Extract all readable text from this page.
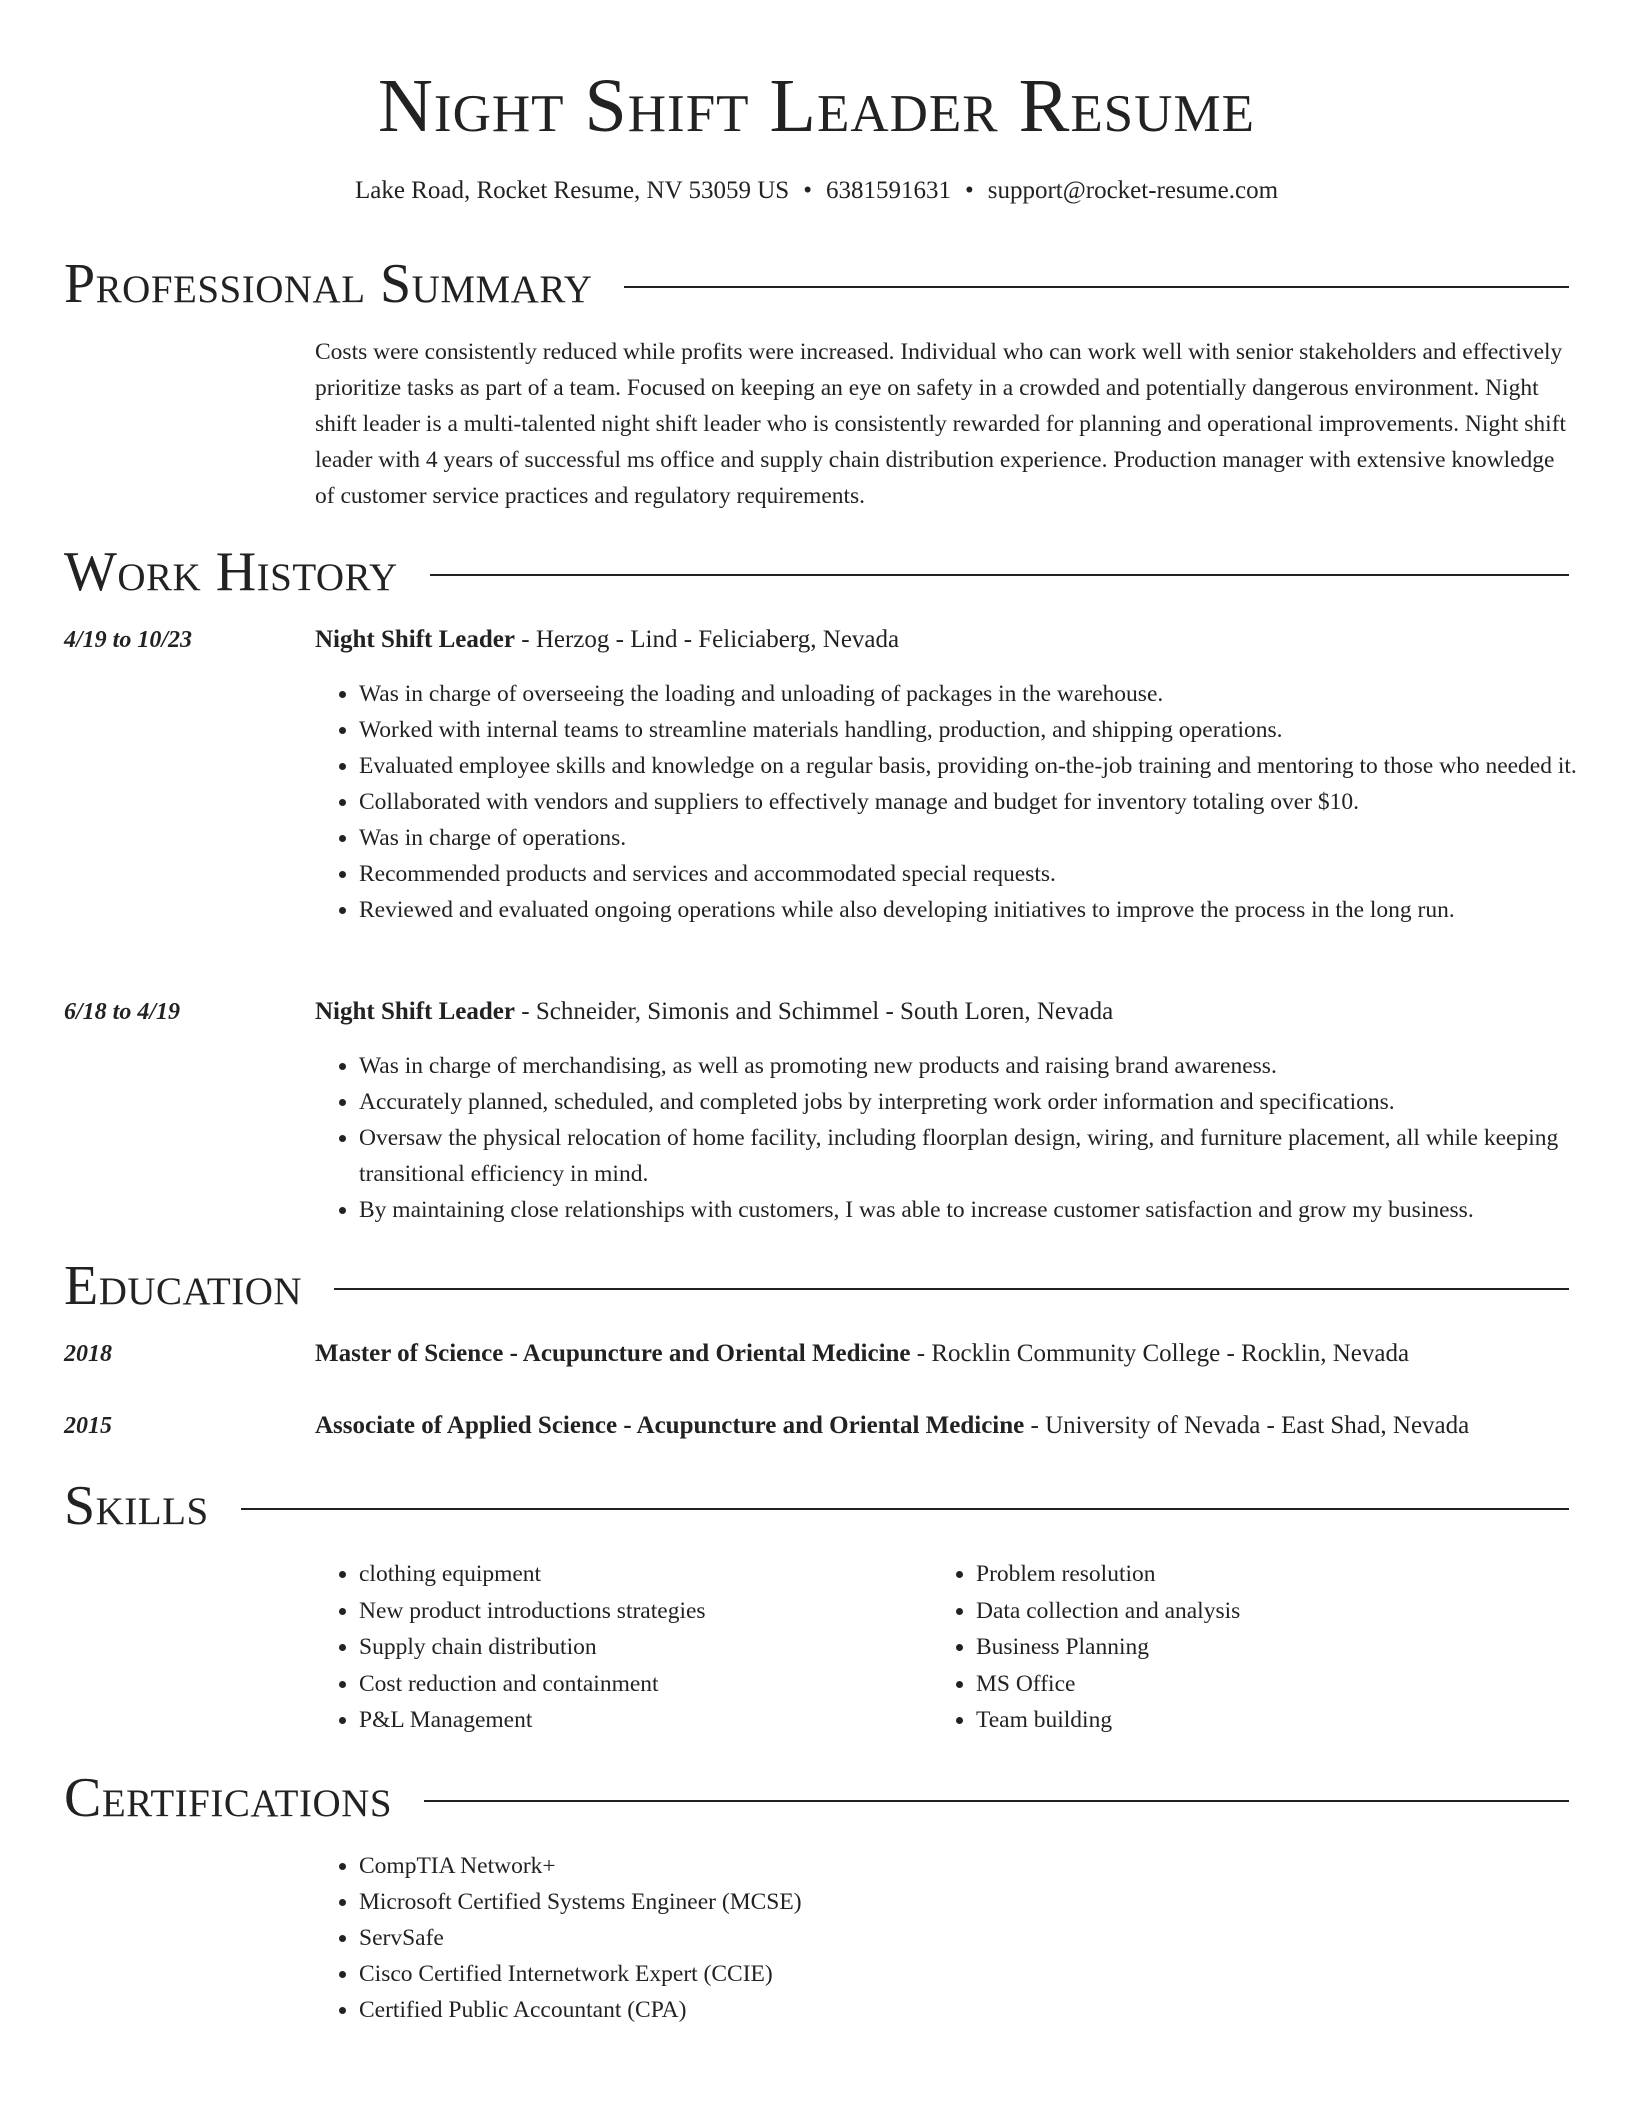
Night Shift Leader Resume
Lake Road, Rocket Resume, NV 53059 US • 6381591631 • support@rocket-resume.com
Professional Summary
Costs were consistently reduced while profits were increased. Individual who can work well with senior stakeholders and effectively prioritize tasks as part of a team. Focused on keeping an eye on safety in a crowded and potentially dangerous environment. Night shift leader is a multi-talented night shift leader who is consistently rewarded for planning and operational improvements. Night shift leader with 4 years of successful ms office and supply chain distribution experience. Production manager with extensive knowledge of customer service practices and regulatory requirements.
Work History
4/19 to 10/23	Night Shift Leader - Herzog - Lind - Feliciaberg, Nevada
• Was in charge of overseeing the loading and unloading of packages in the warehouse.
• Worked with internal teams to streamline materials handling, production, and shipping operations.
• Evaluated employee skills and knowledge on a regular basis, providing on-the-job training and mentoring to those who needed it.
• Collaborated with vendors and suppliers to effectively manage and budget for inventory totaling over $10.
• Was in charge of operations.
• Recommended products and services and accommodated special requests.
• Reviewed and evaluated ongoing operations while also developing initiatives to improve the process in the long run.
6/18 to 4/19	Night Shift Leader - Schneider, Simonis and Schimmel - South Loren, Nevada
• Was in charge of merchandising, as well as promoting new products and raising brand awareness.
• Accurately planned, scheduled, and completed jobs by interpreting work order information and specifications.
• Oversaw the physical relocation of home facility, including floorplan design, wiring, and furniture placement, all while keeping transitional efficiency in mind.
• By maintaining close relationships with customers, I was able to increase customer satisfaction and grow my business.
Education
2018	Master of Science - Acupuncture and Oriental Medicine - Rocklin Community College - Rocklin, Nevada
2015	Associate of Applied Science - Acupuncture and Oriental Medicine - University of Nevada - East Shad, Nevada
Skills
• clothing equipment
• New product introductions strategies
• Supply chain distribution
• Cost reduction and containment
• P&L Management
• Problem resolution
• Data collection and analysis
• Business Planning
• MS Office
• Team building
Certifications
• CompTIA Network+
• Microsoft Certified Systems Engineer (MCSE)
• ServSafe
• Cisco Certified Internetwork Expert (CCIE)
• Certified Public Accountant (CPA)
